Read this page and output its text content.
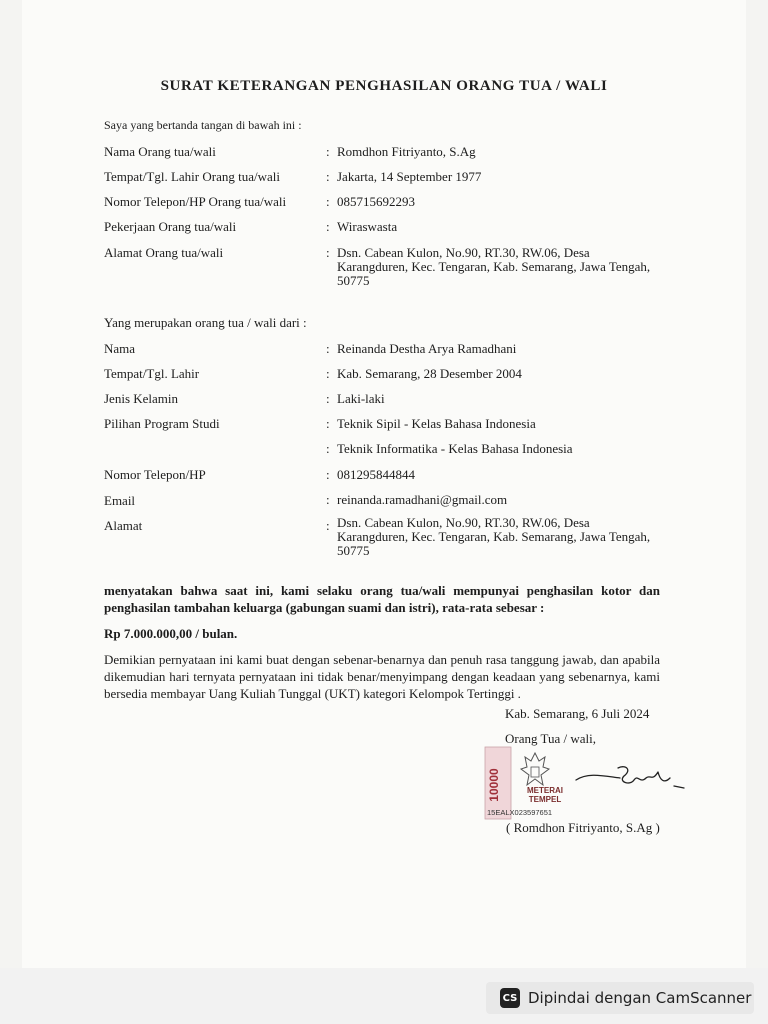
SURAT KETERANGAN PENGHASILAN ORANG TUA / WALI
Saya yang bertanda tangan di bawah ini :
Nama Orang tua/wali	: Romdhon Fitriyanto, S.Ag
Tempat/Tgl. Lahir Orang tua/wali	: Jakarta, 14 September 1977
Nomor Telepon/HP Orang tua/wali	: 085715692293
Pekerjaan Orang tua/wali	: Wiraswasta
Alamat Orang tua/wali	: Dsn. Cabean Kulon, No.90, RT.30, RW.06, Desa
Karangduren, Kec. Tengaran, Kab. Semarang, Jawa Tengah,
50775
Yang merupakan orang tua / wali dari :
Nama	: Reinanda Destha Arya Ramadhani
Tempat/Tgl. Lahir	: Kab. Semarang, 28 Desember 2004
Jenis Kelamin	: Laki-laki
Pilihan Program Studi	: Teknik Sipil - Kelas Bahasa Indonesia
: Teknik Informatika - Kelas Bahasa Indonesia
Nomor Telepon/HP	: 081295844844
Email	: reinanda.ramadhani@gmail.com
Alamat	: Dsn. Cabean Kulon, No.90, RT.30, RW.06, Desa
Karangduren, Kec. Tengaran, Kab. Semarang, Jawa Tengah,
50775
menyatakan bahwa saat ini, kami selaku orang tua/wali mempunyai penghasilan kotor dan penghasilan tambahan keluarga (gabungan suami dan istri), rata-rata sebesar :
Rp 7.000.000,00 / bulan.
Demikian pernyataan ini kami buat dengan sebenar-benarnya dan penuh rasa tanggung jawab, dan apabila dikemudian hari ternyata pernyataan ini tidak benar/menyimpang dengan keadaan yang sebenarnya, kami bersedia membayar Uang Kuliah Tunggal (UKT) kategori Kelompok Tertinggi .
Kab. Semarang, 6 Juli 2024
Orang Tua / wali,
10000	METERAI
TEMPEL
15EALX023597651
( Romdhon Fitriyanto, S.Ag )
CS Dipindai dengan CamScanner
